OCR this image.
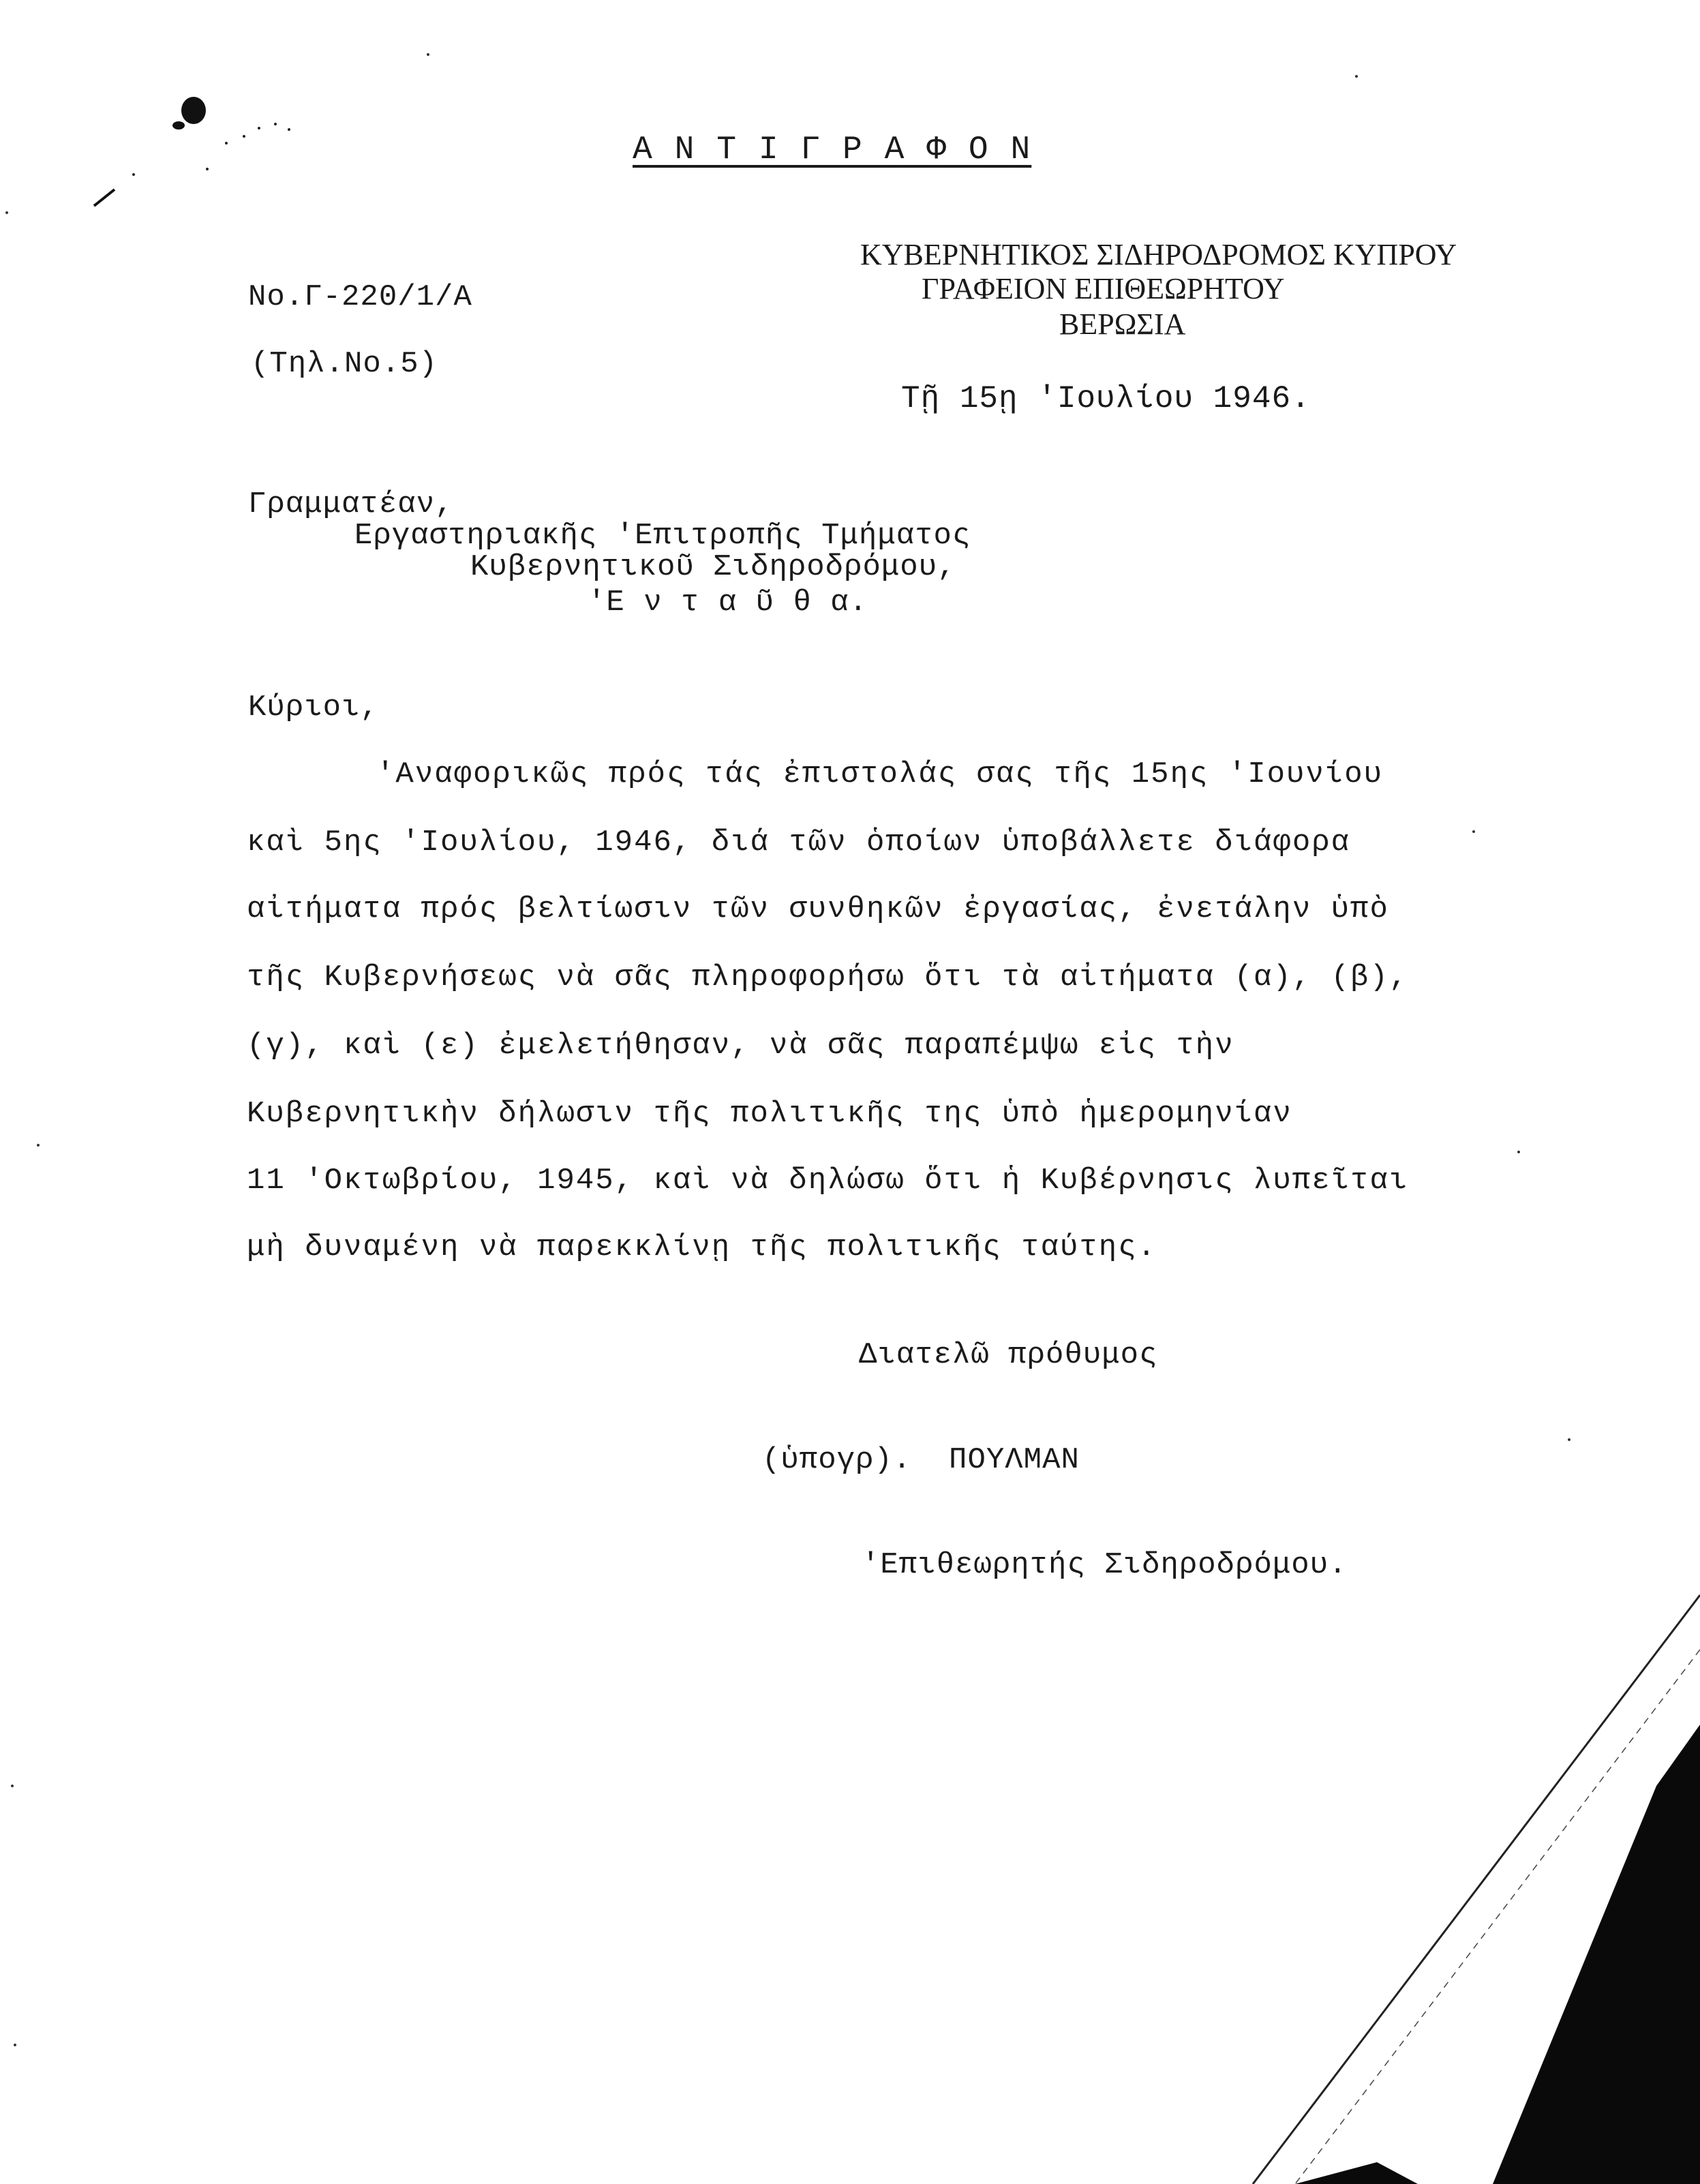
Α Ν Τ Ι Γ Ρ Α Φ Ο Ν
ΚΥΒΕΡΝΗΤΙΚΟΣ ΣΙΔΗΡΟΔΡΟΜΟΣ ΚΥΠΡΟΥ
ΓΡΑΦΕΙΟΝ ΕΠΙΘΕΩΡΗΤΟΥ
ΒΕΡΩΣΙΑ
No.Γ-220/1/Α
(Τηλ.Νο.5)
Τῇ 15ῃ 'Ιουλίου 1946.
Γραμματέαν,
Εργαστηριακῆς 'Επιτροπῆς Τμήματος
Κυβερνητικοῦ Σιδηροδρόμου,
'Ε ν τ α ῦ θ α.
Κύριοι,
'Αναφορικῶς πρός τάς ἐπιστολάς σας τῆς 15ης 'Ιουνίου
καὶ 5ης 'Ιουλίου, 1946, διά τῶν ὁποίων ὑποβάλλετε διάφορα
αἰτήματα πρός βελτίωσιν τῶν συνθηκῶν ἐργασίας, ἐνετάλην ὑπὸ
τῆς Κυβερνήσεως νὰ σᾶς πληροφορήσω ὅτι τὰ αἰτήματα (α), (β),
(γ), καὶ (ε) ἐμελετήθησαν, νὰ σᾶς παραπέμψω εἰς τὴν
Κυβερνητικὴν δήλωσιν τῆς πολιτικῆς της ὑπὸ ἡμερομηνίαν
11 'Οκτωβρίου, 1945, καὶ νὰ δηλώσω ὅτι ἡ Κυβέρνησις λυπεῖται
μὴ δυναμένη νὰ παρεκκλίνῃ τῆς πολιτικῆς ταύτης.
Διατελῶ πρόθυμος
(ὑπογρ).  ΠΟΥΛΜΑΝ
'Επιθεωρητής Σιδηροδρόμου.
